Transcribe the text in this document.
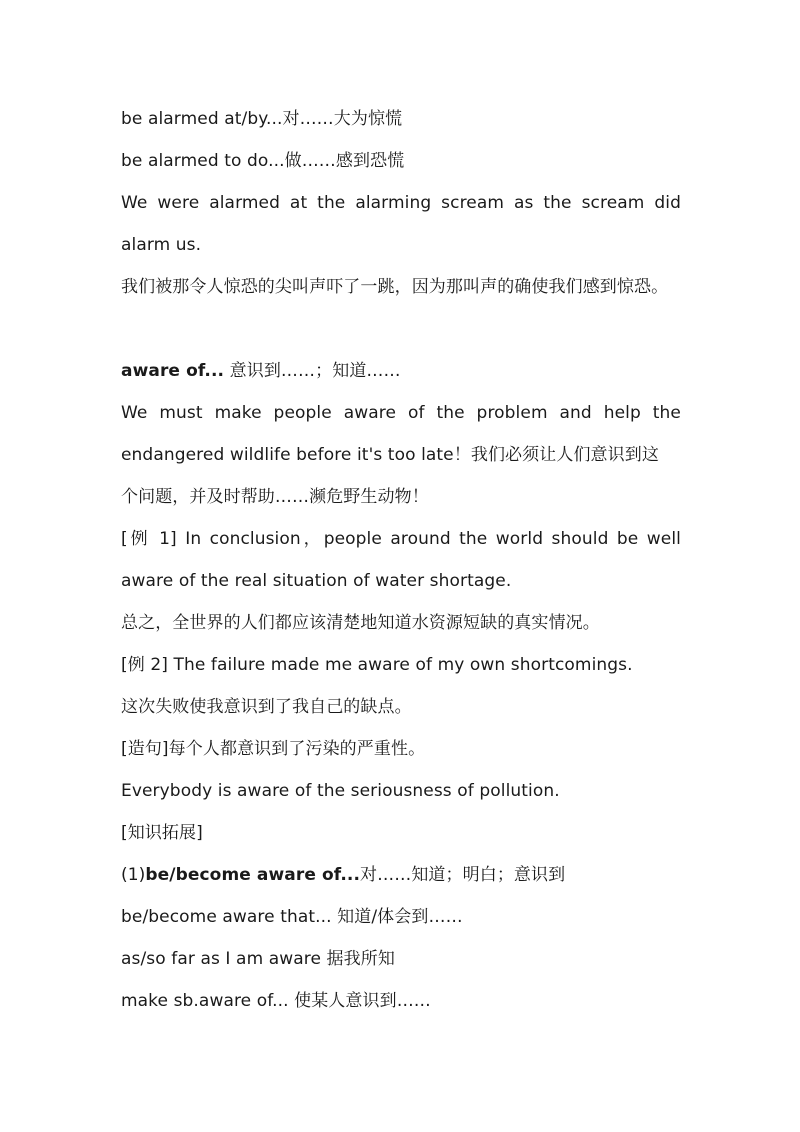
be alarmed at/by...对……大为惊慌
be alarmed to do...做……感到恐慌
We were alarmed at the alarming scream as the scream did
alarm us.
我们被那令人惊恐的尖叫声吓了一跳，因为那叫声的确使我们感到惊恐。
aware of... 意识到……；知道……
We must make people aware of the problem and help the
endangered wildlife before it's too late！我们必须让人们意识到这
个问题，并及时帮助……濒危野生动物！
[例 1] In conclusion，people around the world should be well
aware of the real situation of water shortage.
总之，全世界的人们都应该清楚地知道水资源短缺的真实情况。
[例 2] The failure made me aware of my own shortcomings.
这次失败使我意识到了我自己的缺点。
[造句]每个人都意识到了污染的严重性。
Everybody is aware of the seriousness of pollution.
[知识拓展]
(1)be/become aware of...对……知道；明白；意识到
be/become aware that... 知道/体会到……
as/so far as I am aware 据我所知
make sb.aware of... 使某人意识到……
